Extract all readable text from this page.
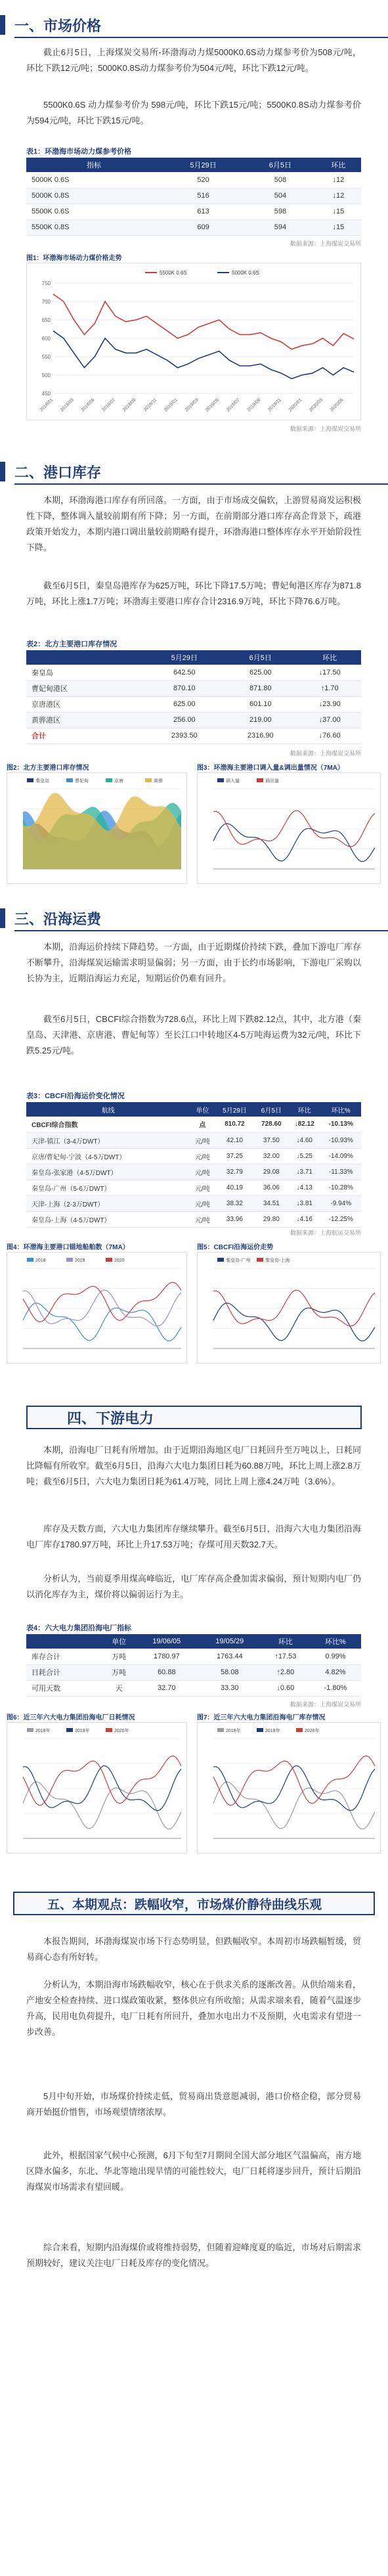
一、市场价格
截止6月5日，上海煤炭交易所-环渤海动力煤5000K0.6S动力煤参考价为508元/吨，环比下跌12元/吨；5000K0.8S动力煤参考价为504元/吨，环比下跌12元/吨。
5500K0.6S 动力煤参考价为 598元/吨，环比下跌15元/吨；5500K0.8S动力煤参考价为594元/吨，环比下跌15元/吨。
表1：环渤海市场动力煤参考价格
指标	5月29日	6月5日	环比
5000K 0.6S	520	508	↓12
5000K 0.8S	516	504	↓12
5500K 0.6S	613	598	↓15
5500K 0.8S	609	594	↓15
数据来源：上海煤炭交易所
图1：环渤海市场动力煤价格走势
450
500
550
600
650
700
750
2018/01 2018/03 2018/05 2018/07 2018/09 2018/11 2019/01 2019/03 2019/05 2019/07 2019/09 2019/11 2020/01 2020/03 2020/05
5500K 0.6S	5000K 0.6S
数据来源：上海煤炭交易所
二、港口库存
本期，环渤海港口库存有所回落。一方面，由于市场成交偏软，上游贸易商发运积极性下降，整体调入量较前期有所下降；另一方面，在前期部分港口库存高企背景下，疏港政策开始发力，本期内港口调出量较前期略有提升，环渤海港口整体库存水平开始阶段性下降。
截至6月5日，秦皇岛港库存为625万吨，环比下降17.5万吨；曹妃甸港区库存为871.8万吨，环比上涨1.7万吨；环渤海主要港口库存合计2316.9万吨，环比下降76.6万吨。
表2：北方主要港口库存情况
	5月29日	6月5日	环比
秦皇岛	642.50	625.00	↓17.50
曹妃甸港区	870.10	871.80	↑1.70
京唐港区	625.00	601.10	↓23.90
黄骅港区	256.00	219.00	↓37.00
合计	2393.50	2316.90	↓76.60
数据来源：上海煤炭交易所
图2：北方主要港口库存情况
秦皇岛	曹妃甸	京唐	黄骅
图3：环渤海主要港口调入量&调出量情况（7MA）
调入量	调出量
三、沿海运费
本期，沿海运价持续下降趋势。一方面，由于近期煤价持续下跌，叠加下游电厂库存不断攀升，沿海煤炭运输需求明显偏弱；另一方面，由于长约市场影响，下游电厂采购以长协为主，近期沿海运力充足，短期运价仍难有回升。
截至6月5日，CBCFI综合指数为728.6点，环比上周下跌82.12点，其中，北方港（秦皇岛、天津港、京唐港、曹妃甸等）至长江口中转地区4-5万吨海运费为32元/吨，环比下跌5.25元/吨。
表3：CBCFI沿海运价变化情况
航线	单位	5月29日	6月5日	环比	环比%
CBCFI综合指数	点	810.72	728.60	↓82.12	-10.13%
天津-镇江（3-4万DWT）	元/吨	42.10	37.50	↓4.60	-10.93%
京唐/曹妃甸-宁波（4-5万DWT）	元/吨	37.25	32.00	↓5.25	-14.09%
秦皇岛-张家港（4-5万DWT）	元/吨	32.79	29.08	↓3.71	-11.33%
秦皇岛-广州（5-6万DWT）	元/吨	40.19	36.06	↓4.13	-10.28%
天津-上海（2-3万DWT）	元/吨	38.32	34.51	↓3.81	-9.94%
秦皇岛-上海（4-5万DWT）	元/吨	33.96	29.80	↓4.16	-12.25%
数据来源：上海航运交易所
图4：环渤海主要港口锚地船舶数（7MA）
2018	2019	2020
图5：CBCFI沿海运价走势
秦皇岛-广州	秦皇岛-上海
四、下游电力
本期，沿海电厂日耗有所增加。由于近期沿海地区电厂日耗回升至万吨以上，日耗同比降幅有所收窄。截至6月5日，沿海六大电力集团日耗为60.88万吨，环比上周上涨2.8万吨；截至6月5日，六大电力集团日耗为61.4万吨，同比上周上涨4.24万吨（3.6%）。
库存及天数方面，六大电力集团库存继续攀升。截至6月5日，沿海六大电力集团沿海电厂库存1780.97万吨，环比上升17.53万吨；存煤可用天数32.7天。
分析认为，当前夏季用煤高峰临近，电厂库存高企叠加需求偏弱，预计短期内电厂仍以消化库存为主，煤价将以偏弱运行为主。
表4：六大电力集团沿海电厂指标
	单位	19/06/05	19/05/29	环比	环比%
库存合计	万吨	1780.97	1763.44	↑17.53	0.99%
日耗合计	万吨	60.88	58.08	↑2.80	4.82%
可用天数	天	32.70	33.30	↓0.60	-1.80%
数据来源：上海煤炭交易所
图6：近三年六大电力集团沿海电厂日耗情况
2018年	2019年	2020年
图7：近三年六大电力集团沿海电厂库存情况
2018年	2019年	2020年
五、本期观点：跌幅收窄，市场煤价静待曲线乐观
本报告期间，环渤海煤炭市场下行态势明显，但跌幅收窄。本周初市场跌幅暂缓，贸易商心态有所好转。
分析认为，本期沿海市场跌幅收窄，核心在于供求关系的逐渐改善。从供给端来看，产地安全检查持续、进口煤政策收紧，整体供应有所收缩；从需求端来看，随着气温逐步升高，民用电负荷提升，电厂日耗有所回升，叠加水电出力不及预期，火电需求有望进一步改善。
5月中旬开始，市场煤价持续走低，贸易商出货意愿减弱，港口价格企稳，部分贸易商开始挺价惜售，市场观望情绪浓厚。
此外，根据国家气候中心预测，6月下旬至7月期间全国大部分地区气温偏高，南方地区降水偏多，东北、华北等地出现旱情的可能性较大，电厂日耗将逐步回升，预计后期沿海煤炭市场需求有望回暖。
综合来看，短期内沿海煤价或将维持弱势，但随着迎峰度夏的临近，市场对后期需求预期较好，建议关注电厂日耗及库存的变化情况。
